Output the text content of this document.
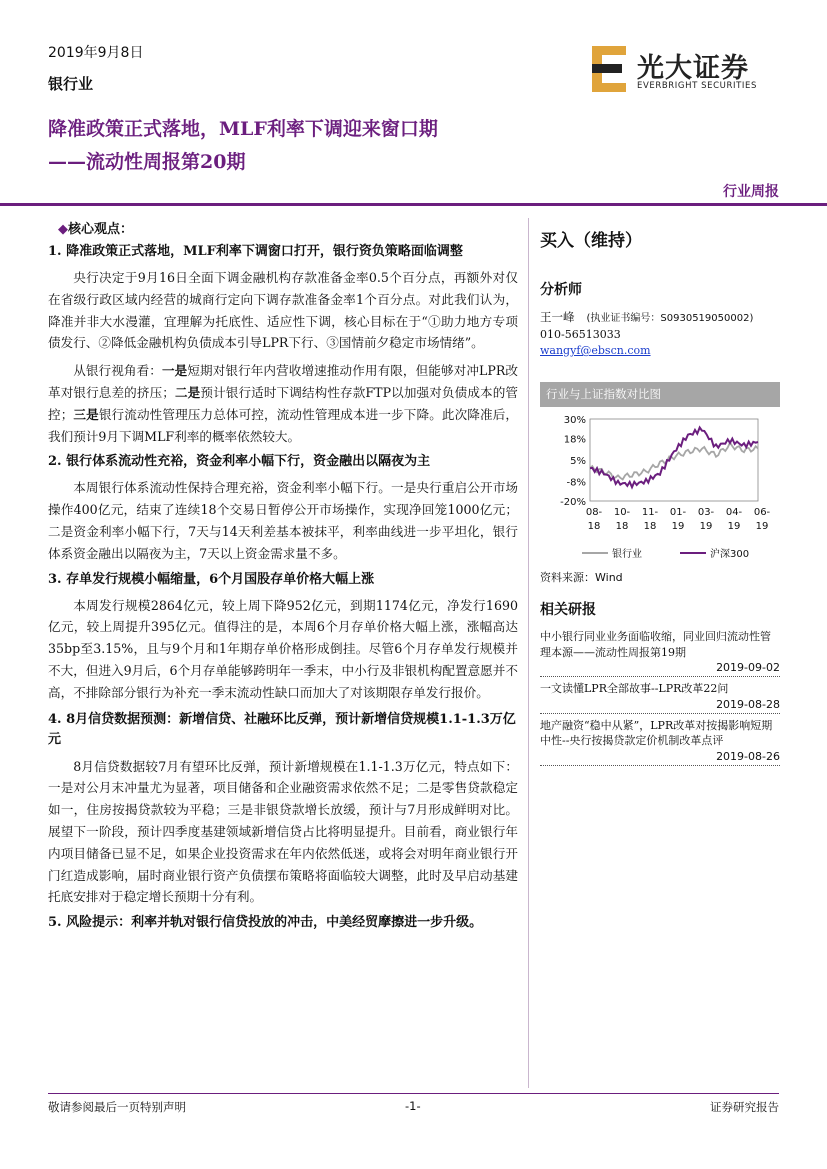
2019年9月8日
银行业	光大证券
EVERBRIGHT SECURITIES
降准政策正式落地，MLF利率下调迎来窗口期
——流动性周报第20期
行业周报
◆核心观点：
1. 降准政策正式落地，MLF利率下调窗口打开，银行资负策略面临调整

央行决定于9月16日全面下调金融机构存款准备金率0.5个百分点，再额外对仅在省级行政区域内经营的城商行定向下调存款准备金率1个百分点。对此我们认为，降准并非大水漫灌，宜理解为托底性、适应性下调，核心目标在于“①助力地方专项债发行、②降低金融机构负债成本引导LPR下行、③国情前夕稳定市场情绪”。

从银行视角看：一是短期对银行年内营收增速推动作用有限，但能够对冲LPR改革对银行息差的挤压；二是预计银行适时下调结构性存款FTP以加强对负债成本的管控；三是银行流动性管理压力总体可控，流动性管理成本进一步下降。此次降准后，我们预计9月下调MLF利率的概率依然较大。

2. 银行体系流动性充裕，资金利率小幅下行，资金融出以隔夜为主

本周银行体系流动性保持合理充裕，资金利率小幅下行。一是央行重启公开市场操作400亿元，结束了连续18个交易日暂停公开市场操作，实现净回笼1000亿元；二是资金利率小幅下行，7天与14天利差基本被抹平，利率曲线进一步平坦化，银行体系资金融出以隔夜为主，7天以上资金需求量不多。

3. 存单发行规模小幅缩量，6个月国股存单价格大幅上涨

本周发行规模2864亿元，较上周下降952亿元，到期1174亿元，净发行1690亿元，较上周提升395亿元。值得注的是，本周6个月存单价格大幅上涨，涨幅高达35bp至3.15%，且与9个月和1年期存单价格形成倒挂。尽管6个月存单发行规模并不大，但进入9月后，6个月存单能够跨明年一季末，中小行及非银机构配置意愿并不高，不排除部分银行为补充一季末流动性缺口而加大了对该期限存单发行报价。

4. 8月信贷数据预测：新增信贷、社融环比反弹，预计新增信贷规模1.1-1.3万亿元

8月信贷数据较7月有望环比反弹，预计新增规模在1.1-1.3万亿元，特点如下：一是对公月末冲量尤为显著，项目储备和企业融资需求依然不足；二是零售贷款稳定如一，住房按揭贷款较为平稳；三是非银贷款增长放缓，预计与7月形成鲜明对比。展望下一阶段，预计四季度基建领域新增信贷占比将明显提升。目前看，商业银行年内项目储备已显不足，如果企业投资需求在年内依然低迷，或将会对明年商业银行开门红造成影响，届时商业银行资产负债摆布策略将面临较大调整，此时及早启动基建托底安排对于稳定增长预期十分有利。

5. 风险提示：利率并轨对银行信贷投放的冲击，中美经贸摩擦进一步升级。
买入（维持）
分析师
王一峰 (执业证书编号：S0930519050002)
010-56513033
wangyf@ebscn.com
行业与上证指数对比图
30%
18%
5%
-8%
-20%
08-
18
10-
18
11-
18
01-
19
03-
19
04-
19
06-
19
银行业	沪深300
资料来源：Wind
相关研报
中小银行同业业务面临收缩，同业回归流动性管理本源——流动性周报第19期
2019-09-02
一文读懂LPR全部故事--LPR改革22问
2019-08-28
地产融资“稳中从紧”，LPR改革对按揭影响短期中性--央行按揭贷款定价机制改革点评
2019-08-26
敬请参阅最后一页特别声明	-1-	证券研究报告
